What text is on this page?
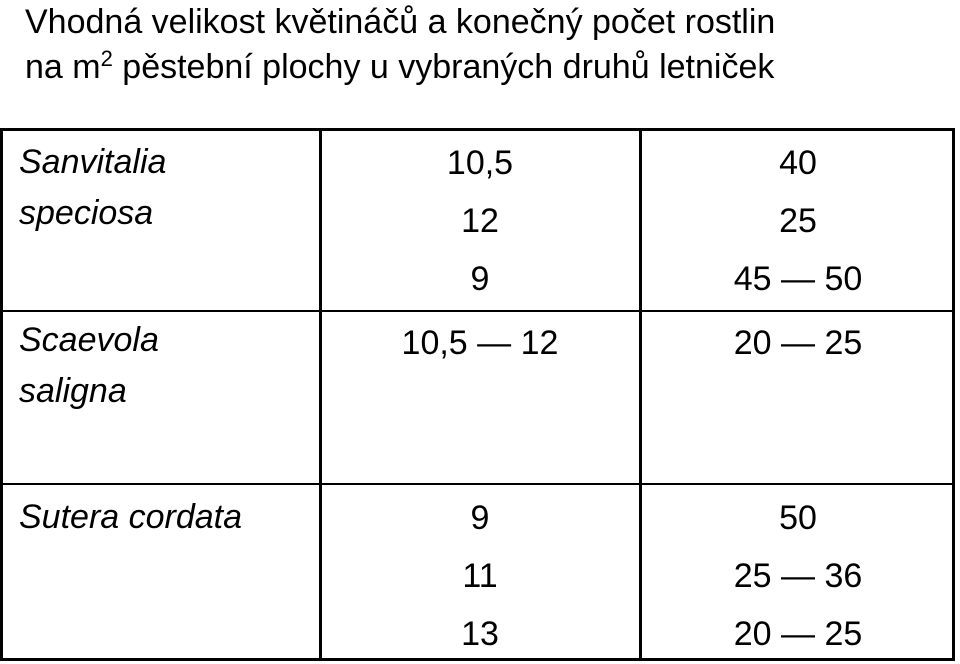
Vhodná velikost květináčů a konečný počet rostlin
na $m^2$ pěstební plochy u vybraných druhů letniček
Sanvitalia
speciosa
10,5
12
9
40
25
45 — 50
Scaevola
saligna
10,5 — 12	20 — 25
Sutera cordata	9
11
13
50
25 — 36
20 — 25
